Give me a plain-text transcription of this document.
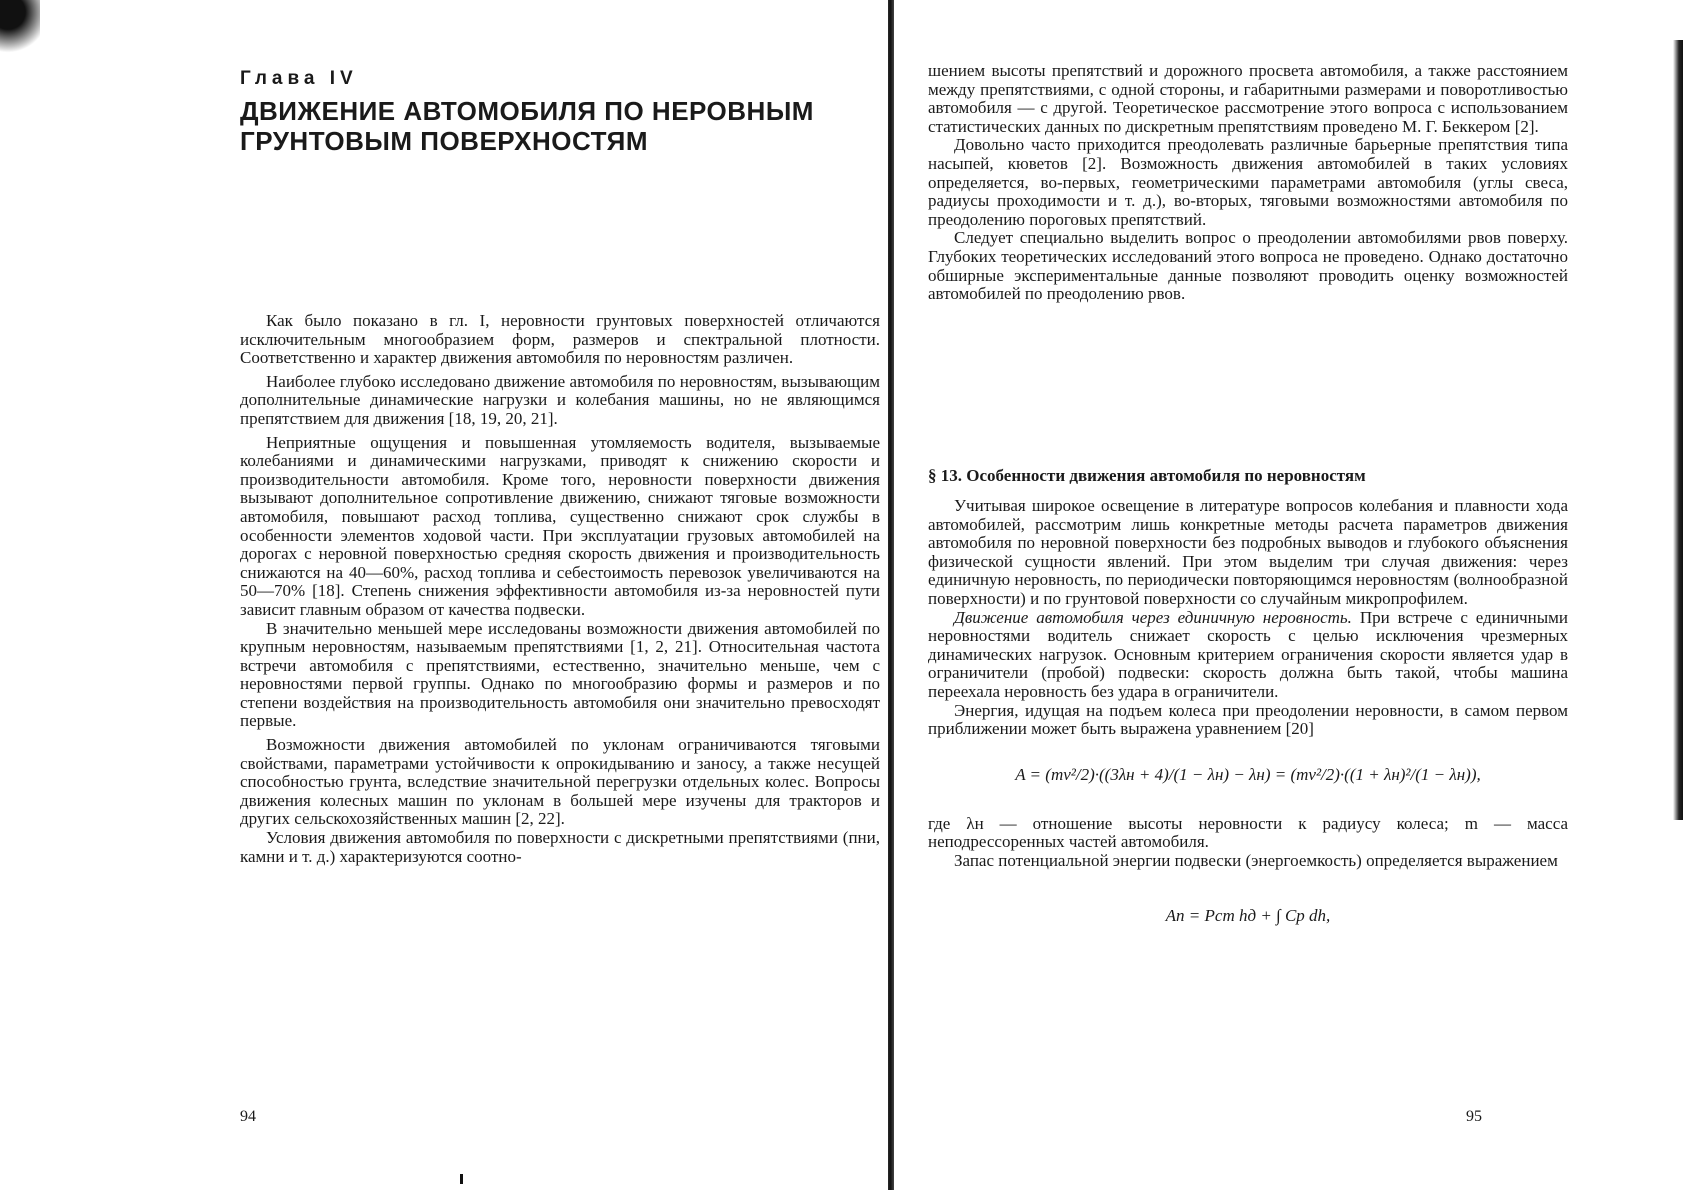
Глава IV
ДВИЖЕНИЕ АВТОМОБИЛЯ ПО НЕРОВНЫМ ГРУНТОВЫМ ПОВЕРХНОСТЯМ

Как было показано в гл. I, неровности грунтовых поверхностей отличаются исключительным многообразием форм, размеров и спектральной плотности. Соответственно и характер движения автомобиля по неровностям различен.

Наиболее глубоко исследовано движение автомобиля по неровностям, вызывающим дополнительные динамические нагрузки и колебания машины, но не являющимся препятствием для движения [18, 19, 20, 21].

Неприятные ощущения и повышенная утомляемость водителя, вызываемые колебаниями и динамическими нагрузками, приводят к снижению скорости и производительности автомобиля. Кроме того, неровности поверхности движения вызывают дополнительное сопротивление движению, снижают тяговые возможности автомобиля, повышают расход топлива, существенно снижают срок службы в особенности элементов ходовой части. При эксплуатации грузовых автомобилей на дорогах с неровной поверхностью средняя скорость движения и производительность снижаются на 40—60%, расход топлива и себестоимость перевозок увеличиваются на 50—70% [18]. Степень снижения эффективности автомобиля из-за неровностей пути зависит главным образом от качества подвески.

В значительно меньшей мере исследованы возможности движения автомобилей по крупным неровностям, называемым препятствиями [1, 2, 21]. Относительная частота встречи автомобиля с препятствиями, естественно, значительно меньше, чем с неровностями первой группы. Однако по многообразию формы и размеров и по степени воздействия на производительность автомобиля они значительно превосходят первые.

Возможности движения автомобилей по уклонам ограничиваются тяговыми свойствами, параметрами устойчивости к опрокидыванию и заносу, а также несущей способностью грунта, вследствие значительной перегрузки отдельных колес. Вопросы движения колесных машин по уклонам в большей мере изучены для тракторов и других сельскохозяйственных машин [2, 22].

Условия движения автомобиля по поверхности с дискретными препятствиями (пни, камни и т. д.) характеризуются соотно-

94

шением высоты препятствий и дорожного просвета автомобиля, а также расстоянием между препятствиями, с одной стороны, и габаритными размерами и поворотливостью автомобиля — с другой. Теоретическое рассмотрение этого вопроса с использованием статистических данных по дискретным препятствиям проведено М. Г. Беккером [2].

Довольно часто приходится преодолевать различные барьерные препятствия типа насыпей, кюветов [2]. Возможность движения автомобилей в таких условиях определяется, во-первых, геометрическими параметрами автомобиля (углы свеса, радиусы проходимости и т. д.), во-вторых, тяговыми возможностями автомобиля по преодолению пороговых препятствий.

Следует специально выделить вопрос о преодолении автомобилями рвов поверху. Глубоких теоретических исследований этого вопроса не проведено. Однако достаточно обширные экспериментальные данные позволяют проводить оценку возможностей автомобилей по преодолению рвов.

§ 13. Особенности движения автомобиля по неровностям

Учитывая широкое освещение в литературе вопросов колебания и плавности хода автомобилей, рассмотрим лишь конкретные методы расчета параметров движения автомобиля по неровной поверхности без подробных выводов и глубокого объяснения физической сущности явлений. При этом выделим три случая движения: через единичную неровность, по периодически повторяющимся неровностям (волнообразной поверхности) и по грунтовой поверхности со случайным микропрофилем.

Движение автомобиля через единичную неровность. При встрече с единичными неровностями водитель снижает скорость с целью исключения чрезмерных динамических нагрузок. Основным критерием ограничения скорости является удар в ограничители (пробой) подвески: скорость должна быть такой, чтобы машина переехала неровность без удара в ограничители.

Энергия, идущая на подъем колеса при преодолении неровности, в самом первом приближении может быть выражена уравнением [20]

A = (mv²/2)·((3λн + 4)/(1 − λн) − λн) = (mv²/2)·((1 + λн)²/(1 − λн)),

где λн — отношение высоты неровности к радиусу колеса; m — масса неподрессоренных частей автомобиля.

Запас потенциальной энергии подвески (энергоемкость) определяется выражением

Aп = Pст hд + ∫ Cр dh,
95
